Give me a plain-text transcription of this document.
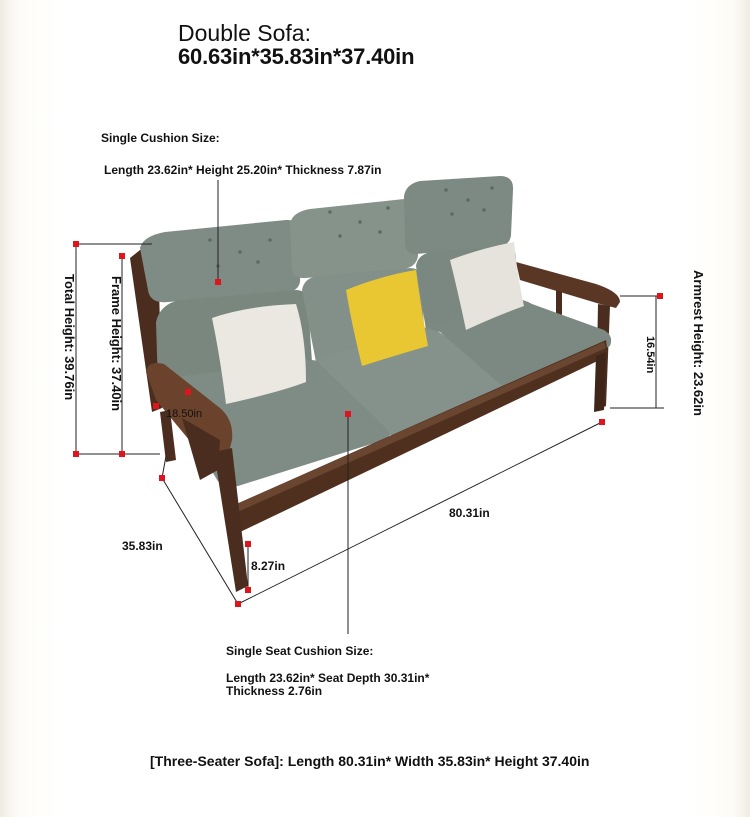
Double Sofa:
60.63in*35.83in*37.40in
Single Cushion Size:
Length 23.62in* Height 25.20in* Thickness 7.87in
Total Height: 39.76in Frame Height: 37.40in	Armrest Height: 23.62in
16.54in
18.50in
80.31in
35.83in
8.27in
Single Seat Cushion Size:
Length 23.62in* Seat Depth 30.31in*
Thickness 2.76in
[Three-Seater Sofa]: Length 80.31in* Width 35.83in* Height 37.40in
